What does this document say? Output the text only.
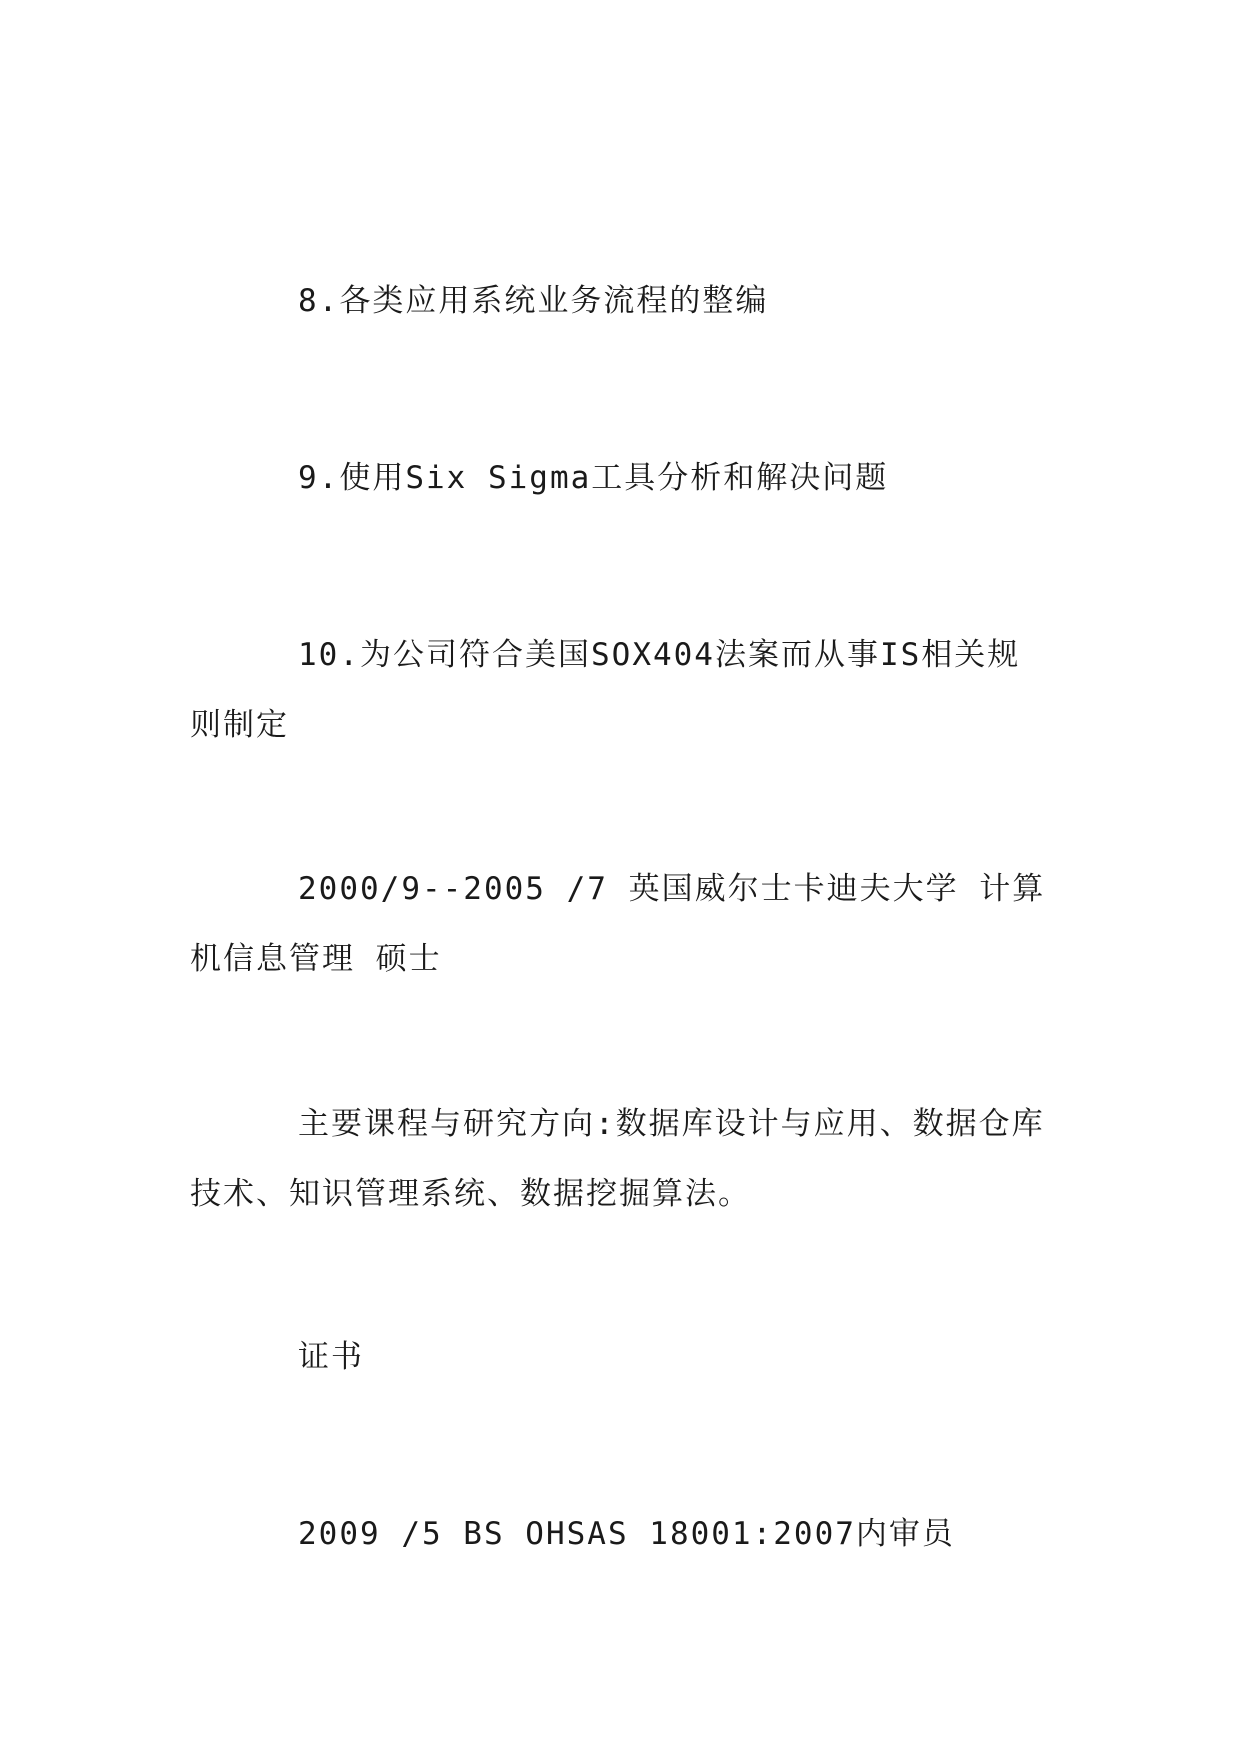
8.各类应用系统业务流程的整编

9.使用Six Sigma工具分析和解决问题

10.为公司符合美国SOX404法案而从事IS相关规则制定

2000/9--2005 /7 英国威尔士卡迪夫大学 计算机信息管理 硕士

主要课程与研究方向:数据库设计与应用、数据仓库技术、知识管理系统、数据挖掘算法。

证书

2009 /5 BS OHSAS 18001:2007内审员
